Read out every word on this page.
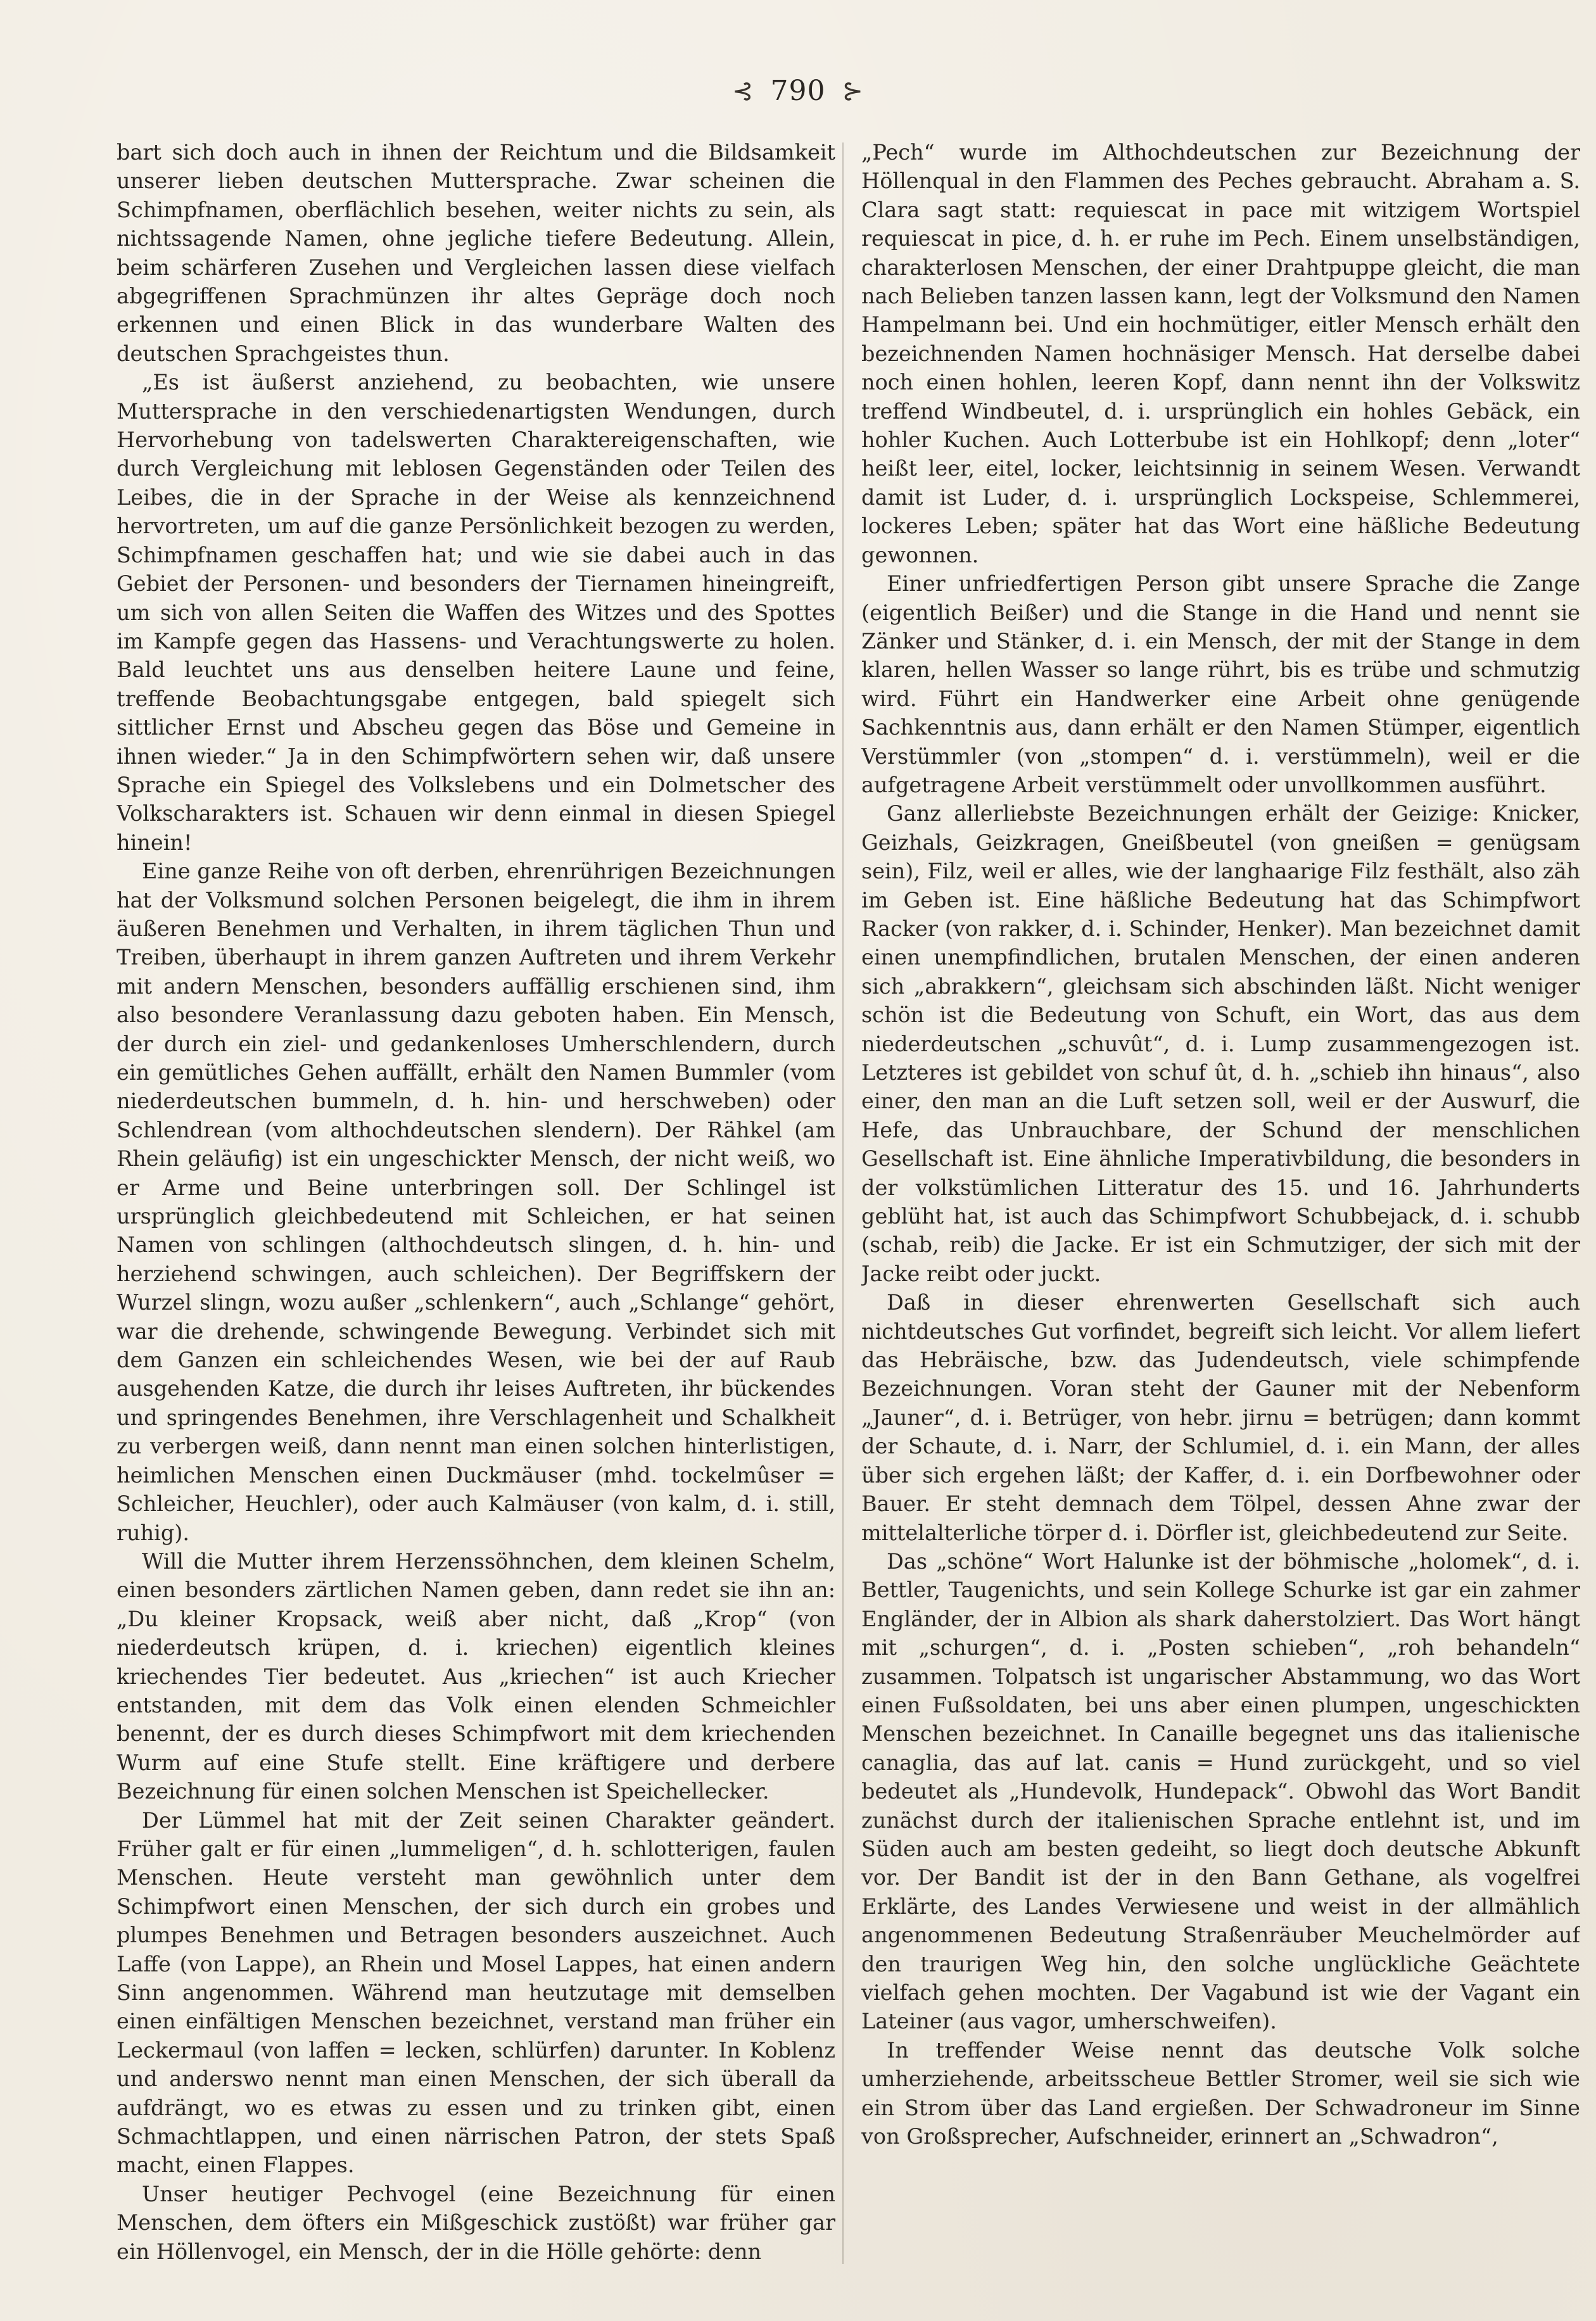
⊰ 790 ⊱

bart sich doch auch in ihnen der Reichtum und die Bildsamkeit unserer lieben deutschen Muttersprache. Zwar scheinen die Schimpfnamen, oberflächlich besehen, weiter nichts zu sein, als nichtssagende Namen, ohne jegliche tiefere Bedeutung. Allein, beim schärferen Zusehen und Vergleichen lassen diese vielfach abgegriffenen Sprachmünzen ihr altes Gepräge doch noch erkennen und einen Blick in das wunderbare Walten des deutschen Sprachgeistes thun.

„Es ist äußerst anziehend, zu beobachten, wie unsere Muttersprache in den verschiedenartigsten Wendungen, durch Hervorhebung von tadelswerten Charaktereigenschaften, wie durch Vergleichung mit leblosen Gegenständen oder Teilen des Leibes, die in der Sprache in der Weise als kennzeichnend hervortreten, um auf die ganze Persönlichkeit bezogen zu werden, Schimpfnamen geschaffen hat; und wie sie dabei auch in das Gebiet der Personen- und besonders der Tiernamen hineingreift, um sich von allen Seiten die Waffen des Witzes und des Spottes im Kampfe gegen das Hassens- und Verachtungswerte zu holen. Bald leuchtet uns aus denselben heitere Laune und feine, treffende Beobachtungsgabe entgegen, bald spiegelt sich sittlicher Ernst und Abscheu gegen das Böse und Gemeine in ihnen wieder.“ Ja in den Schimpfwörtern sehen wir, daß unsere Sprache ein Spiegel des Volkslebens und ein Dolmetscher des Volkscharakters ist. Schauen wir denn einmal in diesen Spiegel hinein!

Eine ganze Reihe von oft derben, ehrenrührigen Bezeichnungen hat der Volksmund solchen Personen beigelegt, die ihm in ihrem äußeren Benehmen und Verhalten, in ihrem täglichen Thun und Treiben, überhaupt in ihrem ganzen Auftreten und ihrem Verkehr mit andern Menschen, besonders auffällig erschienen sind, ihm also besondere Veranlassung dazu geboten haben. Ein Mensch, der durch ein ziel- und gedankenloses Umherschlendern, durch ein gemütliches Gehen auffällt, erhält den Namen Bummler (vom niederdeutschen bummeln, d. h. hin- und herschweben) oder Schlendrean (vom althochdeutschen slendern). Der Rähkel (am Rhein geläufig) ist ein ungeschickter Mensch, der nicht weiß, wo er Arme und Beine unterbringen soll. Der Schlingel ist ursprünglich gleichbedeutend mit Schleichen, er hat seinen Namen von schlingen (althochdeutsch slingen, d. h. hin- und herziehend schwingen, auch schleichen). Der Begriffskern der Wurzel slingn, wozu außer „schlenkern“, auch „Schlange“ gehört, war die drehende, schwingende Bewegung. Verbindet sich mit dem Ganzen ein schleichendes Wesen, wie bei der auf Raub ausgehenden Katze, die durch ihr leises Auftreten, ihr bückendes und springendes Benehmen, ihre Verschlagenheit und Schalkheit zu verbergen weiß, dann nennt man einen solchen hinterlistigen, heimlichen Menschen einen Duckmäuser (mhd. tockelmûser = Schleicher, Heuchler), oder auch Kalmäuser (von kalm, d. i. still, ruhig).

Will die Mutter ihrem Herzenssöhnchen, dem kleinen Schelm, einen besonders zärtlichen Namen geben, dann redet sie ihn an: „Du kleiner Kropsack, weiß aber nicht, daß „Krop“ (von niederdeutsch krüpen, d. i. kriechen) eigentlich kleines kriechendes Tier bedeutet. Aus „kriechen“ ist auch Kriecher entstanden, mit dem das Volk einen elenden Schmeichler benennt, der es durch dieses Schimpfwort mit dem kriechenden Wurm auf eine Stufe stellt. Eine kräftigere und derbere Bezeichnung für einen solchen Menschen ist Speichellecker.

Der Lümmel hat mit der Zeit seinen Charakter geändert. Früher galt er für einen „lummeligen“, d. h. schlotterigen, faulen Menschen. Heute versteht man gewöhnlich unter dem Schimpfwort einen Menschen, der sich durch ein grobes und plumpes Benehmen und Betragen besonders auszeichnet. Auch Laffe (von Lappe), an Rhein und Mosel Lappes, hat einen andern Sinn angenommen. Während man heutzutage mit demselben einen einfältigen Menschen bezeichnet, verstand man früher ein Leckermaul (von laffen = lecken, schlürfen) darunter. In Koblenz und anderswo nennt man einen Menschen, der sich überall da aufdrängt, wo es etwas zu essen und zu trinken gibt, einen Schmachtlappen, und einen närrischen Patron, der stets Spaß macht, einen Flappes.

Unser heutiger Pechvogel (eine Bezeichnung für einen Menschen, dem öfters ein Mißgeschick zustößt) war früher gar ein Höllenvogel, ein Mensch, der in die Hölle gehörte: denn

„Pech“ wurde im Althochdeutschen zur Bezeichnung der Höllenqual in den Flammen des Peches gebraucht. Abraham a. S. Clara sagt statt: requiescat in pace mit witzigem Wortspiel requiescat in pice, d. h. er ruhe im Pech. Einem unselbständigen, charakterlosen Menschen, der einer Drahtpuppe gleicht, die man nach Belieben tanzen lassen kann, legt der Volksmund den Namen Hampelmann bei. Und ein hochmütiger, eitler Mensch erhält den bezeichnenden Namen hochnäsiger Mensch. Hat derselbe dabei noch einen hohlen, leeren Kopf, dann nennt ihn der Volkswitz treffend Windbeutel, d. i. ursprünglich ein hohles Gebäck, ein hohler Kuchen. Auch Lotterbube ist ein Hohlkopf; denn „loter“ heißt leer, eitel, locker, leichtsinnig in seinem Wesen. Verwandt damit ist Luder, d. i. ursprünglich Lockspeise, Schlemmerei, lockeres Leben; später hat das Wort eine häßliche Bedeutung gewonnen.

Einer unfriedfertigen Person gibt unsere Sprache die Zange (eigentlich Beißer) und die Stange in die Hand und nennt sie Zänker und Stänker, d. i. ein Mensch, der mit der Stange in dem klaren, hellen Wasser so lange rührt, bis es trübe und schmutzig wird. Führt ein Handwerker eine Arbeit ohne genügende Sachkenntnis aus, dann erhält er den Namen Stümper, eigentlich Verstümmler (von „stompen“ d. i. verstümmeln), weil er die aufgetragene Arbeit verstümmelt oder unvollkommen ausführt.

Ganz allerliebste Bezeichnungen erhält der Geizige: Knicker, Geizhals, Geizkragen, Gneißbeutel (von gneißen = genügsam sein), Filz, weil er alles, wie der langhaarige Filz festhält, also zäh im Geben ist. Eine häßliche Bedeutung hat das Schimpfwort Racker (von rakker, d. i. Schinder, Henker). Man bezeichnet damit einen unempfindlichen, brutalen Menschen, der einen anderen sich „abrakkern“, gleichsam sich abschinden läßt. Nicht weniger schön ist die Bedeutung von Schuft, ein Wort, das aus dem niederdeutschen „schuvût“, d. i. Lump zusammengezogen ist. Letzteres ist gebildet von schuf ût, d. h. „schieb ihn hinaus“, also einer, den man an die Luft setzen soll, weil er der Auswurf, die Hefe, das Unbrauchbare, der Schund der menschlichen Gesellschaft ist. Eine ähnliche Imperativbildung, die besonders in der volkstümlichen Litteratur des 15. und 16. Jahrhunderts geblüht hat, ist auch das Schimpfwort Schubbejack, d. i. schubb (schab, reib) die Jacke. Er ist ein Schmutziger, der sich mit der Jacke reibt oder juckt.

Daß in dieser ehrenwerten Gesellschaft sich auch nichtdeutsches Gut vorfindet, begreift sich leicht. Vor allem liefert das Hebräische, bzw. das Judendeutsch, viele schimpfende Bezeichnungen. Voran steht der Gauner mit der Nebenform „Jauner“, d. i. Betrüger, von hebr. jirnu = betrügen; dann kommt der Schaute, d. i. Narr, der Schlumiel, d. i. ein Mann, der alles über sich ergehen läßt; der Kaffer, d. i. ein Dorfbewohner oder Bauer. Er steht demnach dem Tölpel, dessen Ahne zwar der mittelalterliche törper d. i. Dörfler ist, gleichbedeutend zur Seite.

Das „schöne“ Wort Halunke ist der böhmische „holomek“, d. i. Bettler, Taugenichts, und sein Kollege Schurke ist gar ein zahmer Engländer, der in Albion als shark daherstolziert. Das Wort hängt mit „schurgen“, d. i. „Posten schieben“, „roh behandeln“ zusammen. Tolpatsch ist ungarischer Abstammung, wo das Wort einen Fußsoldaten, bei uns aber einen plumpen, ungeschickten Menschen bezeichnet. In Canaille begegnet uns das italienische canaglia, das auf lat. canis = Hund zurückgeht, und so viel bedeutet als „Hundevolk, Hundepack“. Obwohl das Wort Bandit zunächst durch der italienischen Sprache entlehnt ist, und im Süden auch am besten gedeiht, so liegt doch deutsche Abkunft vor. Der Bandit ist der in den Bann Gethane, als vogelfrei Erklärte, des Landes Verwiesene und weist in der allmählich angenommenen Bedeutung Straßenräuber Meuchelmörder auf den traurigen Weg hin, den solche unglückliche Geächtete vielfach gehen mochten. Der Vagabund ist wie der Vagant ein Lateiner (aus vagor, umherschweifen).

In treffender Weise nennt das deutsche Volk solche umherziehende, arbeitsscheue Bettler Stromer, weil sie sich wie ein Strom über das Land ergießen. Der Schwadroneur im Sinne von Großsprecher, Aufschneider, erinnert an „Schwadron“,
